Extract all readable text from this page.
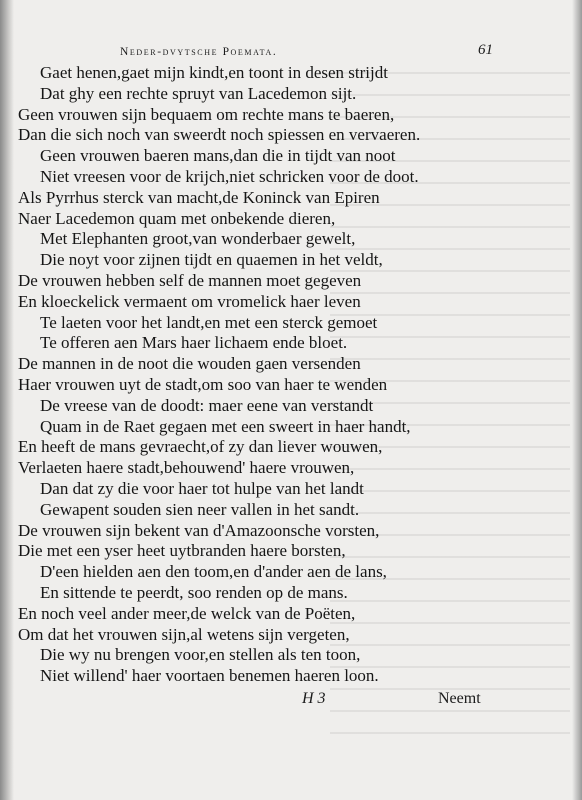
Neder-dvytsche Poemata.	61
Gaet henen,gaet mijn kindt,en toont in desen strijdt
Dat ghy een rechte spruyt van Lacedemon sijt.
Geen vrouwen sijn bequaem om rechte mans te baeren,
Dan die sich noch van sweerdt noch spiessen en vervaeren.
Geen vrouwen baeren mans,dan die in tijdt van noot
Niet vreesen voor de krijch,niet schricken voor de doot.
Als Pyrrhus sterck van macht,de Koninck van Epiren
Naer Lacedemon quam met onbekende dieren,
Met Elephanten groot,van wonderbaer gewelt,
Die noyt voor zijnen tijdt en quaemen in het veldt,
De vrouwen hebben self de mannen moet gegeven
En kloeckelick vermaent om vromelick haer leven
Te laeten voor het landt,en met een sterck gemoet
Te offeren aen Mars haer lichaem ende bloet.
De mannen in de noot die wouden gaen versenden
Haer vrouwen uyt de stadt,om soo van haer te wenden
De vreese van de doodt: maer eene van verstandt
Quam in de Raet gegaen met een sweert in haer handt,
En heeft de mans gevraecht,of zy dan liever wouwen,
Verlaeten haere stadt,behouwend' haere vrouwen,
Dan dat zy die voor haer tot hulpe van het landt
Gewapent souden sien neer vallen in het sandt.
De vrouwen sijn bekent van d'Amazoonsche vorsten,
Die met een yser heet uytbranden haere borsten,
D'een hielden aen den toom,en d'ander aen de lans,
En sittende te peerdt, soo renden op de mans.
En noch veel ander meer,de welck van de Poëten,
Om dat het vrouwen sijn,al wetens sijn vergeten,
Die wy nu brengen voor,en stellen als ten toon,
Niet willend' haer voortaen benemen haeren loon.
H 3	Neemt
